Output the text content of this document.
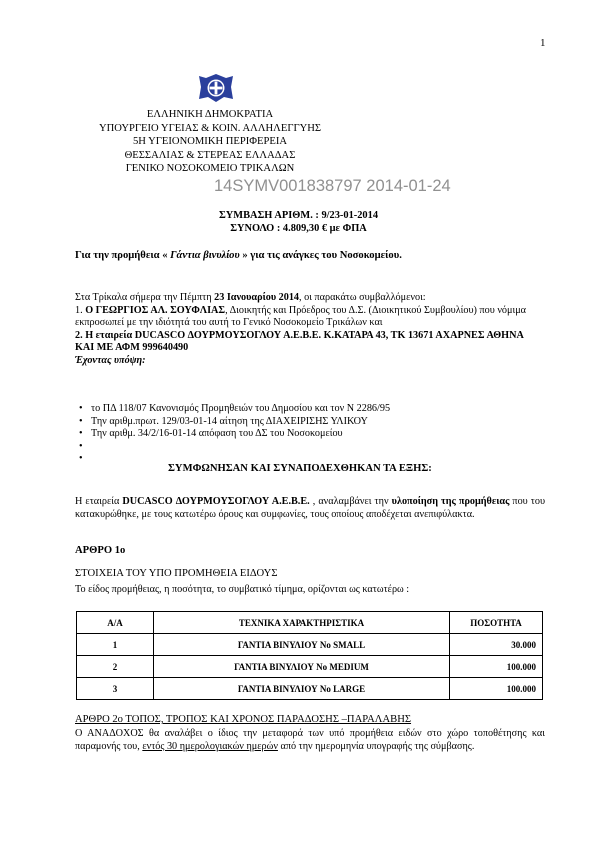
1
ΕΛΛΗΝΙΚΗ ΔΗΜΟΚΡΑΤΙΑ
ΥΠΟΥΡΓΕΙΟ ΥΓΕΙΑΣ & ΚΟΙΝ. ΑΛΛΗΛΕΓΓΥΗΣ
5Η ΥΓΕΙΟΝΟΜΙΚΗ ΠΕΡΙΦΕΡΕΙΑ
ΘΕΣΣΑΛΙΑΣ & ΣΤΕΡΕΑΣ ΕΛΛΑΔΑΣ
ΓΕΝΙΚΟ ΝΟΣΟΚΟΜΕΙΟ ΤΡΙΚΑΛΩΝ
14SYMV001838797 2014-01-24
ΣΥΜΒΑΣΗ ΑΡΙΘΜ. : 9/23-01-2014
ΣΥΝΟΛΟ : 4.809,30 € με ΦΠΑ
Για την προμήθεια « Γάντια βινυλίου » για τις ανάγκες του Νοσοκομείου.

Στα Τρίκαλα σήμερα την Πέμπτη 23 Ιανουαρίου 2014, οι παρακάτω συμβαλλόμενοι:

1. Ο ΓΕΩΡΓΙΟΣ ΑΛ. ΣΟΥΦΛΙΑΣ, Διοικητής και Πρόεδρος του Δ.Σ. (Διοικητικού Συμβουλίου) που νόμιμα εκπροσωπεί με την ιδιότητά του αυτή το Γενικό Νοσοκομείο Τρικάλων και

2. Η εταιρεία DUCASCO ΔΟΥΡΜΟΥΣΟΓΛΟΥ Α.Ε.Β.Ε. Κ.ΚΑΤΑΡΑ 43, ΤΚ 13671 ΑΧΑΡΝΕΣ ΑΘΗΝΑ ΚΑΙ ΜΕ ΑΦΜ 999640490

Έχοντας υπόψη:

• το ΠΔ 118/07 Κανονισμός Προμηθειών του Δημοσίου και τον Ν 2286/95
• Την αριθμ.πρωτ. 129/03-01-14 αίτηση της ΔΙΑΧΕΙΡΙΣΗΣ ΥΛΙΚΟΥ
• Την αριθμ. 34/2/16-01-14 απόφαση του ΔΣ του Νοσοκομείου
•
•
ΣΥΜΦΩΝΗΣΑΝ ΚΑΙ ΣΥΝΑΠΟΔΕΧΘΗΚΑΝ ΤΑ ΕΞΗΣ:
Η εταιρεία DUCASCO ΔΟΥΡΜΟΥΣΟΓΛΟΥ Α.Ε.Β.Ε. , αναλαμβάνει την υλοποίηση της προμήθειας που του κατακυρώθηκε, με τους κατωτέρω όρους και συμφωνίες, τους οποίους αποδέχεται ανεπιφύλακτα.
ΑΡΘΡΟ 1ο
ΣΤΟΙΧΕΙΑ ΤΟΥ ΥΠΟ ΠΡΟΜΗΘΕΙΑ ΕΙΔΟΥΣ
Το είδος προμήθειας, η ποσότητα, το συμβατικό τίμημα, ορίζονται ως κατωτέρω :
Α/Α	ΤΕΧΝΙΚΑ ΧΑΡΑΚΤΗΡΙΣΤΙΚΑ	ΠΟΣΟΤΗΤΑ
1	ΓΑΝΤΙΑ ΒΙΝΥΛΙΟΥ No SMALL	30.000
2	ΓΑΝΤΙΑ ΒΙΝΥΛΙΟΥ No MEDIUM	100.000
3	ΓΑΝΤΙΑ ΒΙΝΥΛΙΟΥ No LARGE	100.000
ΑΡΘΡΟ 2ο ΤΟΠΟΣ, ΤΡΟΠΟΣ ΚΑΙ ΧΡΟΝΟΣ ΠΑΡΑΔΟΣΗΣ –ΠΑΡΑΛΑΒΗΣ
Ο ΑΝΑΔΟΧΟΣ θα αναλάβει ο ίδιος την μεταφορά των υπό προμήθεια ειδών στο χώρο τοποθέτησης και παραμονής του, εντός 30 ημερολογιακών ημερών από την ημερομηνία υπογραφής της σύμβασης.
